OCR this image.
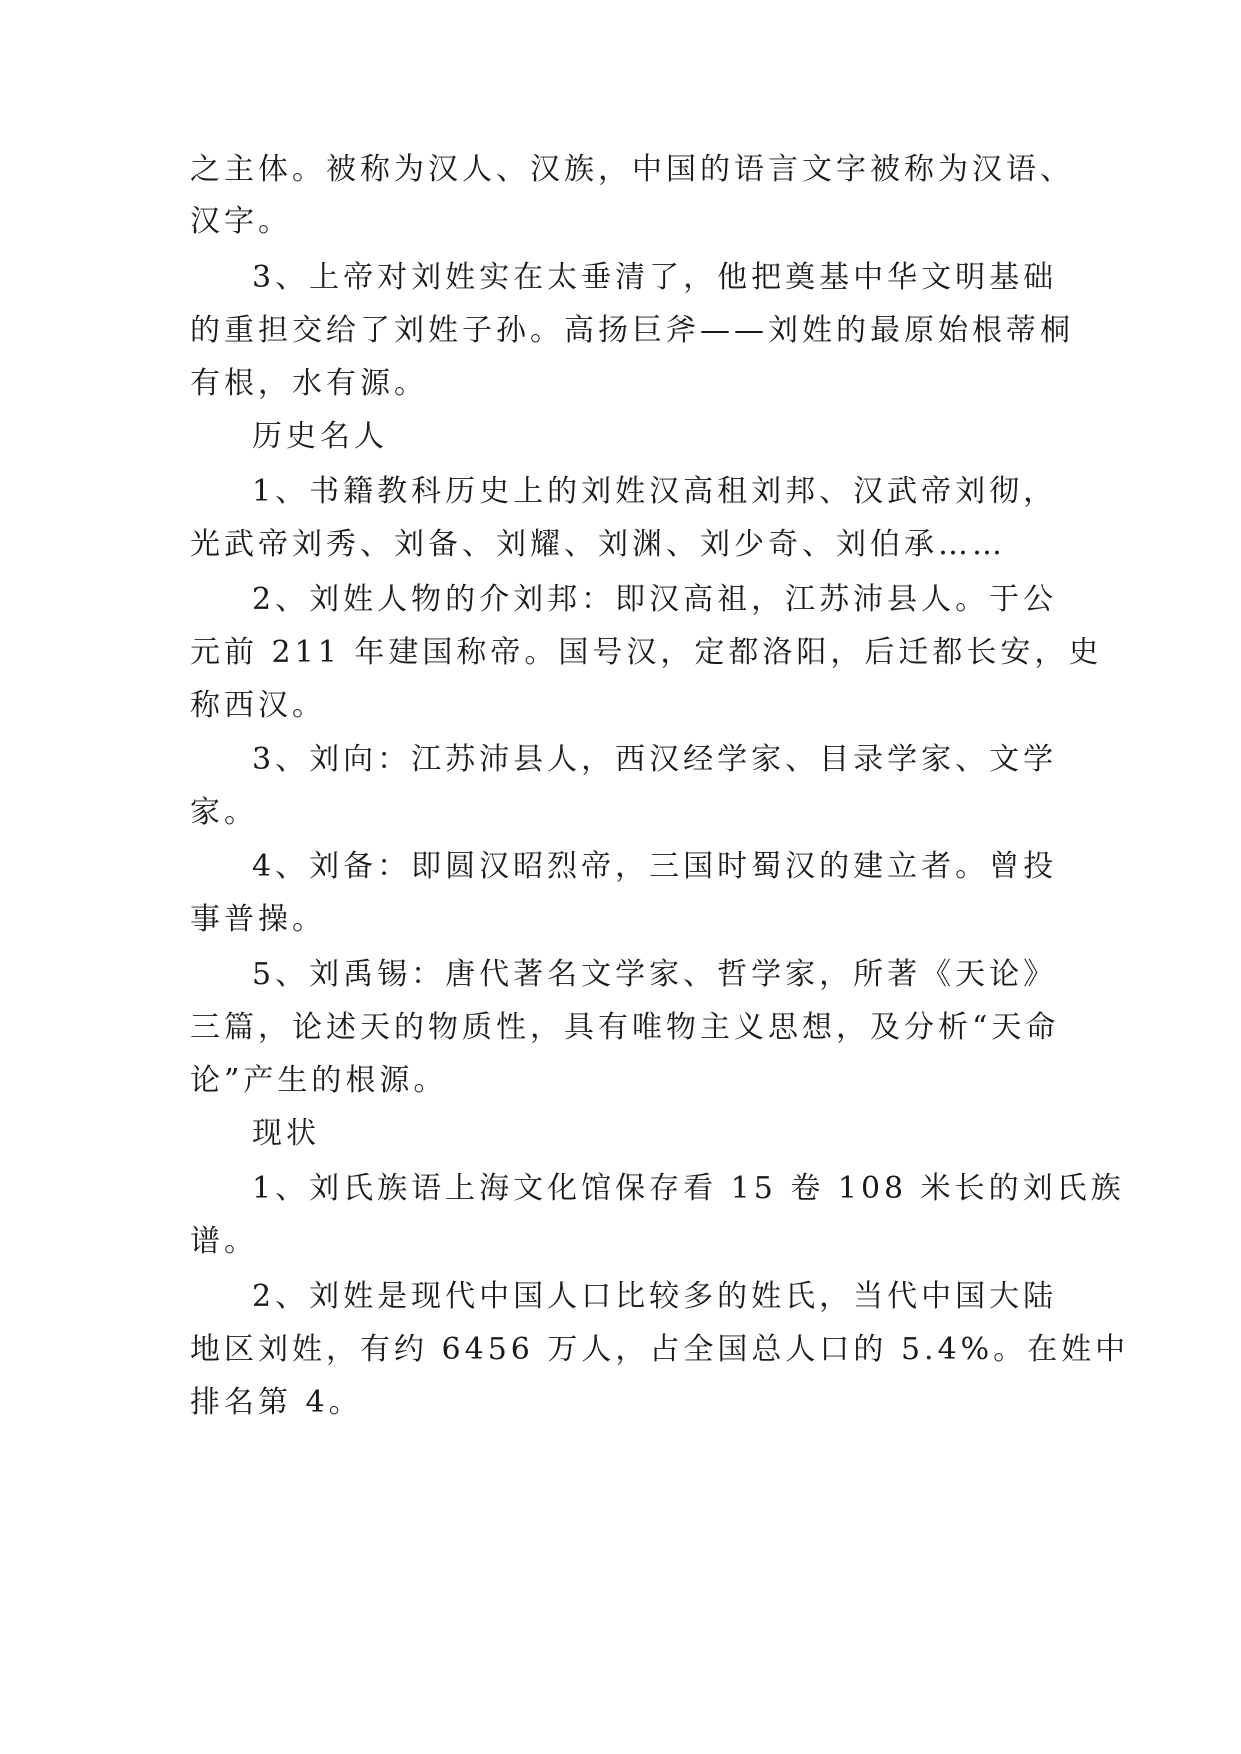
之主体。被称为汉人、汉族，中国的语言文字被称为汉语、
汉字。
3、上帝对刘姓实在太垂清了，他把奠基中华文明基础
的重担交给了刘姓子孙。高扬巨斧——刘姓的最原始根蒂桐
有根，水有源。
历史名人
1、书籍教科历史上的刘姓汉高租刘邦、汉武帝刘彻，
光武帝刘秀、刘备、刘耀、刘渊、刘少奇、刘伯承……
2、刘姓人物的介刘邦：即汉高祖，江苏沛县人。于公
元前 211 年建国称帝。国号汉，定都洛阳，后迁都长安，史
称西汉。
3、刘向：江苏沛县人，西汉经学家、目录学家、文学
家。
4、刘备：即圆汉昭烈帝，三国时蜀汉的建立者。曾投
事普操。
5、刘禹锡：唐代著名文学家、哲学家，所著《天论》
三篇，论述天的物质性，具有唯物主义思想，及分析“天命
论”产生的根源。
现状
1、刘氏族语上海文化馆保存看 15 卷 108 米长的刘氏族
谱。
2、刘姓是现代中国人口比较多的姓氏，当代中国大陆
地区刘姓，有约 6456 万人，占全国总人口的 5.4%。在姓中
排名第 4。
